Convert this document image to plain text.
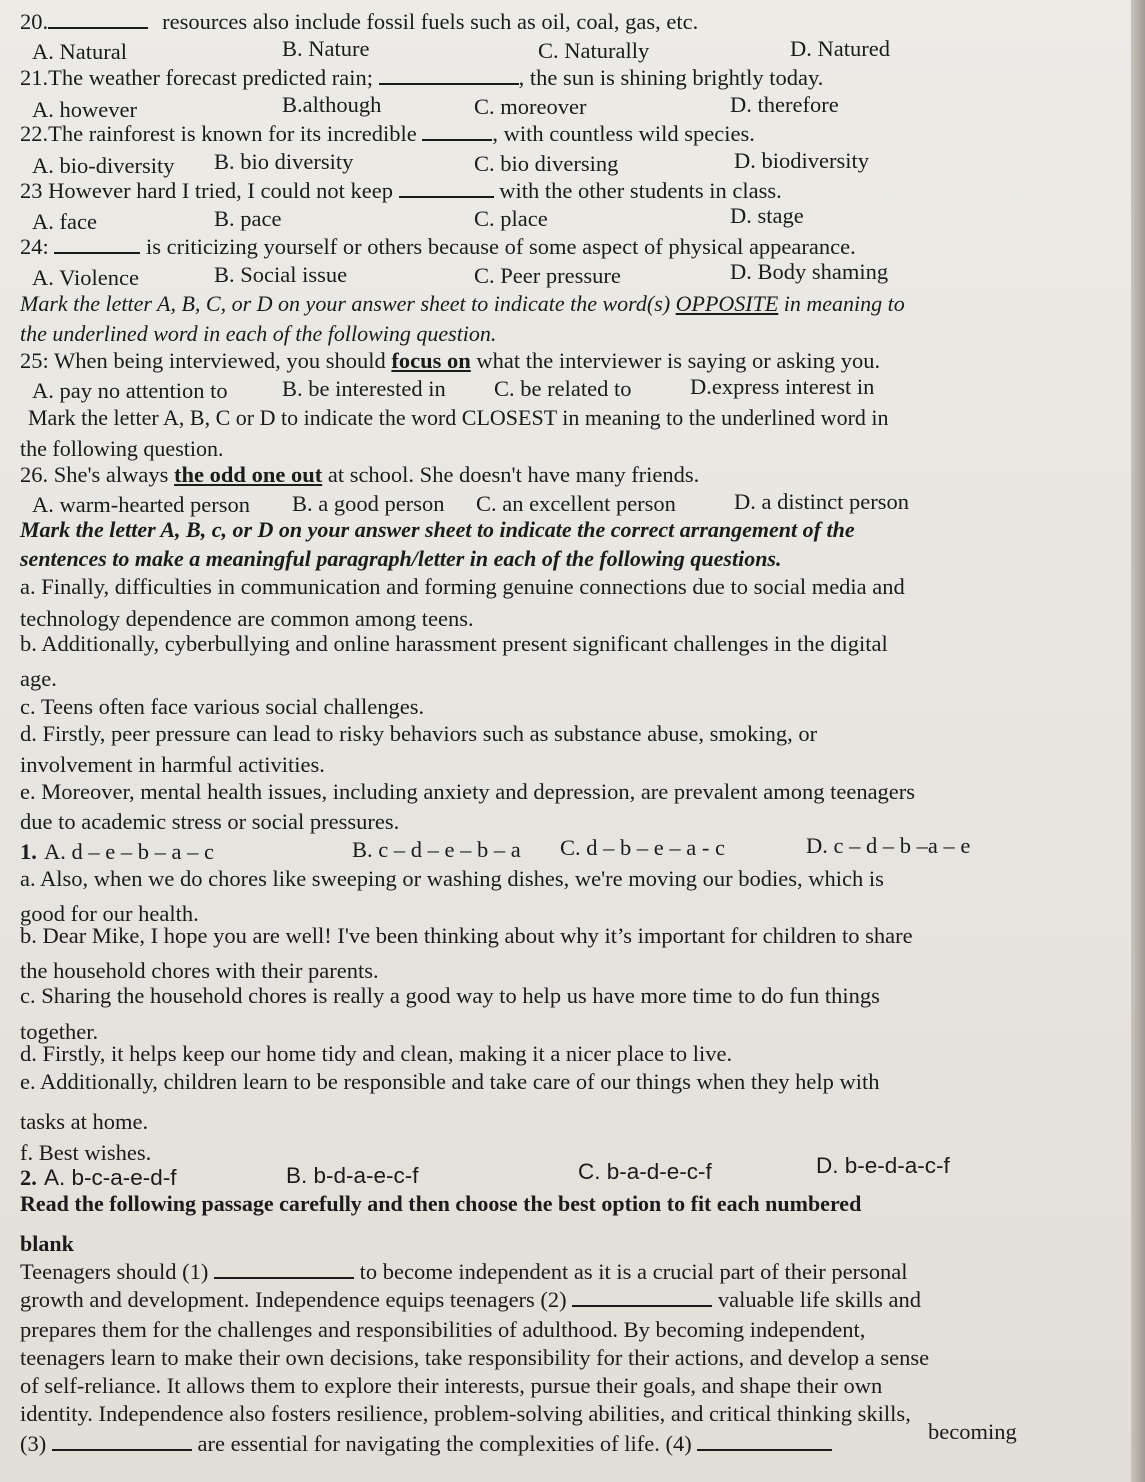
20.	resources also include fossil fuels such as oil, coal, gas, etc.
A. Natural	B. Nature	C. Naturally	D. Natured
21.The weather forecast predicted rain;	, the sun is shining brightly today.
A. however	B.although	C. moreover	D. therefore
22.The rainforest is known for its incredible	, with countless wild species.
A. bio-diversity B. bio diversity	C. bio diversing	D. biodiversity
23 However hard I tried, I could not keep	with the other students in class.
A. face	B. pace	C. place	D. stage
24:	is criticizing yourself or others because of some aspect of physical appearance.
A. Violence	B. Social issue	C. Peer pressure	D. Body shaming
Mark the letter A, B, C, or D on your answer sheet to indicate the word(s) OPPOSITE in meaning to
the underlined word in each of the following question.
25: When being interviewed, you should focus on what the interviewer is saying or asking you.
A. pay no attention to B. be interested in C. be related to	D.express interest in
Mark the letter A, B, C or D to indicate the word CLOSEST in meaning to the underlined word in
the following question.
26. She's always the odd one out at school. She doesn't have many friends.
A. warm-hearted person B. a good person C. an excellent person	D. a distinct person
Mark the letter A, B, c, or D on your answer sheet to indicate the correct arrangement of the
sentences to make a meaningful paragraph/letter in each of the following questions.
a. Finally, difficulties in communication and forming genuine connections due to social media and
technology dependence are common among teens.
b. Additionally, cyberbullying and online harassment present significant challenges in the digital
age.
c. Teens often face various social challenges.
d. Firstly, peer pressure can lead to risky behaviors such as substance abuse, smoking, or
involvement in harmful activities.
e. Moreover, mental health issues, including anxiety and depression, are prevalent among teenagers
due to academic stress or social pressures.
1. A. d – e – b – a – c	B. c – d – e – b – a C. d – b – e – a - c	D. c – d – b –a – e
a. Also, when we do chores like sweeping or washing dishes, we're moving our bodies, which is
good for our health.
b. Dear Mike, I hope you are well! I've been thinking about why it’s important for children to share
the household chores with their parents.
c. Sharing the household chores is really a good way to help us have more time to do fun things
together.
d. Firstly, it helps keep our home tidy and clean, making it a nicer place to live.
e. Additionally, children learn to be responsible and take care of our things when they help with
tasks at home.
f. Best wishes.
2. A. b-c-a-e-d-f	B. b-d-a-e-c-f	C. b-a-d-e-c-f	D. b-e-d-a-c-f
Read the following passage carefully and then choose the best option to fit each numbered
blank
Teenagers should (1)	to become independent as it is a crucial part of their personal
growth and development. Independence equips teenagers (2)	valuable life skills and
prepares them for the challenges and responsibilities of adulthood. By becoming independent,
teenagers learn to make their own decisions, take responsibility for their actions, and develop a sense
of self-reliance. It allows them to explore their interests, pursue their goals, and shape their own
identity. Independence also fosters resilience, problem-solving abilities, and critical thinking skills,
(3)	are essential for navigating the complexities of life. (4)	becoming
